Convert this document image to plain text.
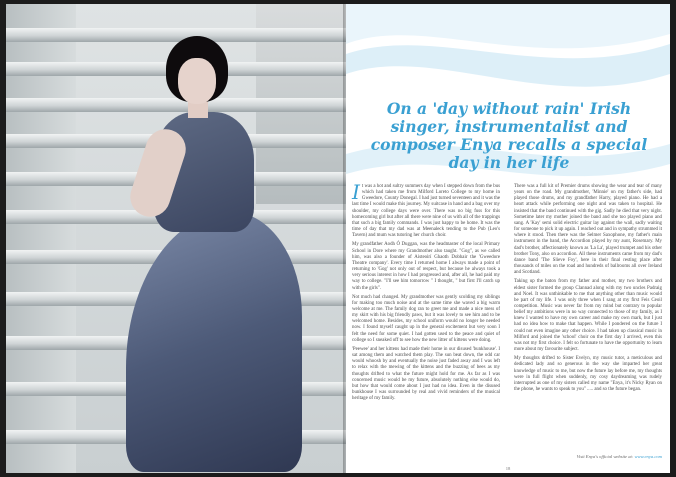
On a 'day without rain' Irish singer, instrumentalist and composer Enya recalls a special day in her life

It was a hot and sultry summers day when I stepped down from the bus which had taken me from Milford Loreto College to my home in Gweedore, County Donegal. I had just turned seventeen and it was the last time I would make this journey. My suitcase in hand and a bag over my shoulder, my college days were over. There was no big fuss for this homecoming girl but after all there were nine of us with all of the trappings that such a big family commands. I was just happy to be home. It was the time of day that my dad was at Meenaleck tending to the Pub (Leo's Tavern) and mum was tutoring her church choir.

My grandfather Aodh Ó Duggan, was the headmaster of the local Primary School in Dore where my Grandmother also taught. "Gog", as we called him, was also a founder of Aisteoirí Ghaoth Dobhair the 'Gweedore Theatre company'. Every time I returned home I always made a point of returning to 'Gog' not only out of respect, but because he always took a very serious interest in how I had progressed and, after all, he had paid my way to college. "I'll see him tomorrow " I thought, " but first I'll catch up with the girls".

Not much had changed. My grandmother was gently scolding my siblings for making too much noise and at the same time she waved a big warm welcome at me. The family dog ran to greet me and made a nice mess of my skirt with his big friendly paws, but it was lovely to see him and to be welcomed home. Besides, my school uniform would no longer be needed now. I found myself caught up in the general excitement but very soon I felt the need for some quiet. I had gotten used to the peace and quiet of college so I sneaked off to see how the new litter of kittens were doing.

'Peewee' and her kittens had made their home in our disused 'bunkhouse'. I sat among them and watched them play. The sun beat down, the odd car would whoosh by and eventually the noise just faded away and I was left to relax with the mewing of the kittens and the buzzing of bees as my thoughts drifted to what the future might hold for me. As far as I was concerned music would be my future, absolutely nothing else would do, but how that would come about I just had no idea. Even in the disused bunkhouse I was surrounded by real and vivid reminders of the musical heritage of my family.

There was a full kit of Premier drums showing the wear and tear of many years on the road. My grandmother, 'Minnie' on my father's side, had played those drums, and my grandfather Harry, played piano. He had a heart attack while performing one night and was taken to hospital. He insisted that the band continued with the gig. Sadly he died that very night. Sometime later my mother joined the band and she too played piano and sang. A 'Kay' semi solid electric guitar lay against the wall, sadly waiting for someone to pick it up again. I reached out and in sympathy strummed it where it stood. Then there was the Selmer Saxophone, my father's main instrument in the band, the Accordion played by my aunt, Rosemary. My dad's brother, affectionately known as 'La La', played trumpet and his other brother Tony, also on accordion. All these instruments came from my dad's dance band 'The Slieve Foy', here in their final resting place after thousands of miles on the road and hundreds of ballrooms all over Ireland and Scotland.

Taking up the baton from my father and mother, my two brothers and eldest sister formed the group Clannad along with my two uncles Padraig and Noel. It was unthinkable to me that anything other than music would be part of my life. I was only three when I sang at my first Feis Ceoil competition. Music was never far from my mind but contrary to popular belief my ambitions were in no way connected to those of my family, as I knew I wanted to have my own career and make my own mark, but I just had no idea how to make that happen. While I pondered on the future I could not even imagine any other choice. I had taken up classical music in Milford and joined the 'school' choir on the first day I arrived, even this was not my first choice. I felt so fortunate to have the opportunity to learn more about my favourite subject.

My thoughts drifted to Sister Evelyn, my music tutor, a meticulous and dedicated lady and so generous in the way she imparted her great knowledge of music to me, but now the future lay before me, my thoughts were in full flight when suddenly, my cosy daydreaming was rudely interrupted as one of my sisters called my name "Enya, it's Nicky Ryan on the phone, he wants to speak to you" ..... and so the future began.

Visit Enya's official website at: www.enya.com
18
